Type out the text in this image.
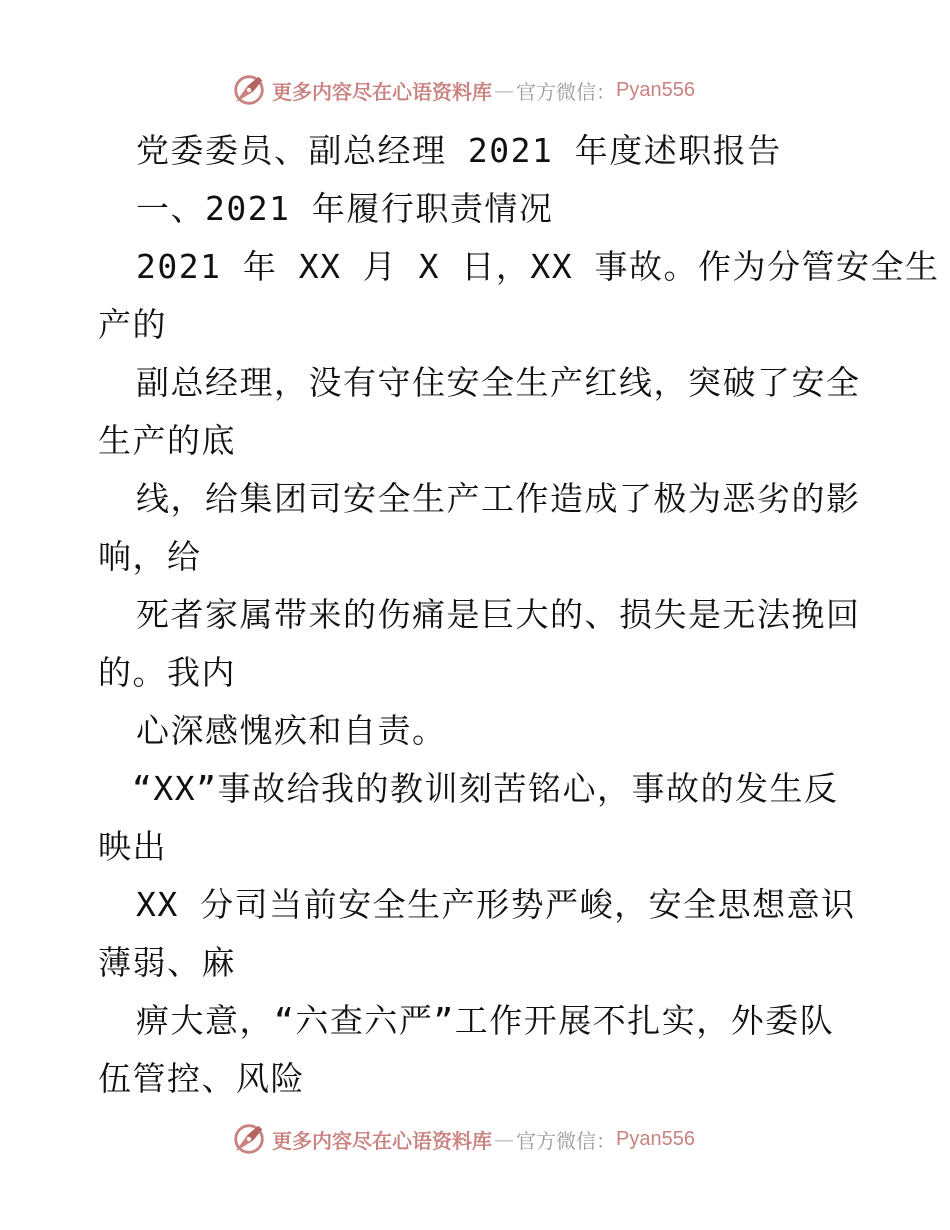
更多内容尽在心语资料库 — 官方微信： Pyan556
党委委员、副总经理 2021 年度述职报告
一、2021 年履行职责情况
2021 年 XX 月 X 日，XX 事故。作为分管安全生
产的
副总经理，没有守住安全生产红线，突破了安全
生产的底
线，给集团司安全生产工作造成了极为恶劣的影
响，给
死者家属带来的伤痛是巨大的、损失是无法挽回
的。我内
心深感愧疚和自责。
“XX”事故给我的教训刻苦铭心，事故的发生反
映出
XX 分司当前安全生产形势严峻，安全思想意识
薄弱、麻
痹大意，“六查六严”工作开展不扎实，外委队
伍管控、风险
更多内容尽在心语资料库 — 官方微信： Pyan556
